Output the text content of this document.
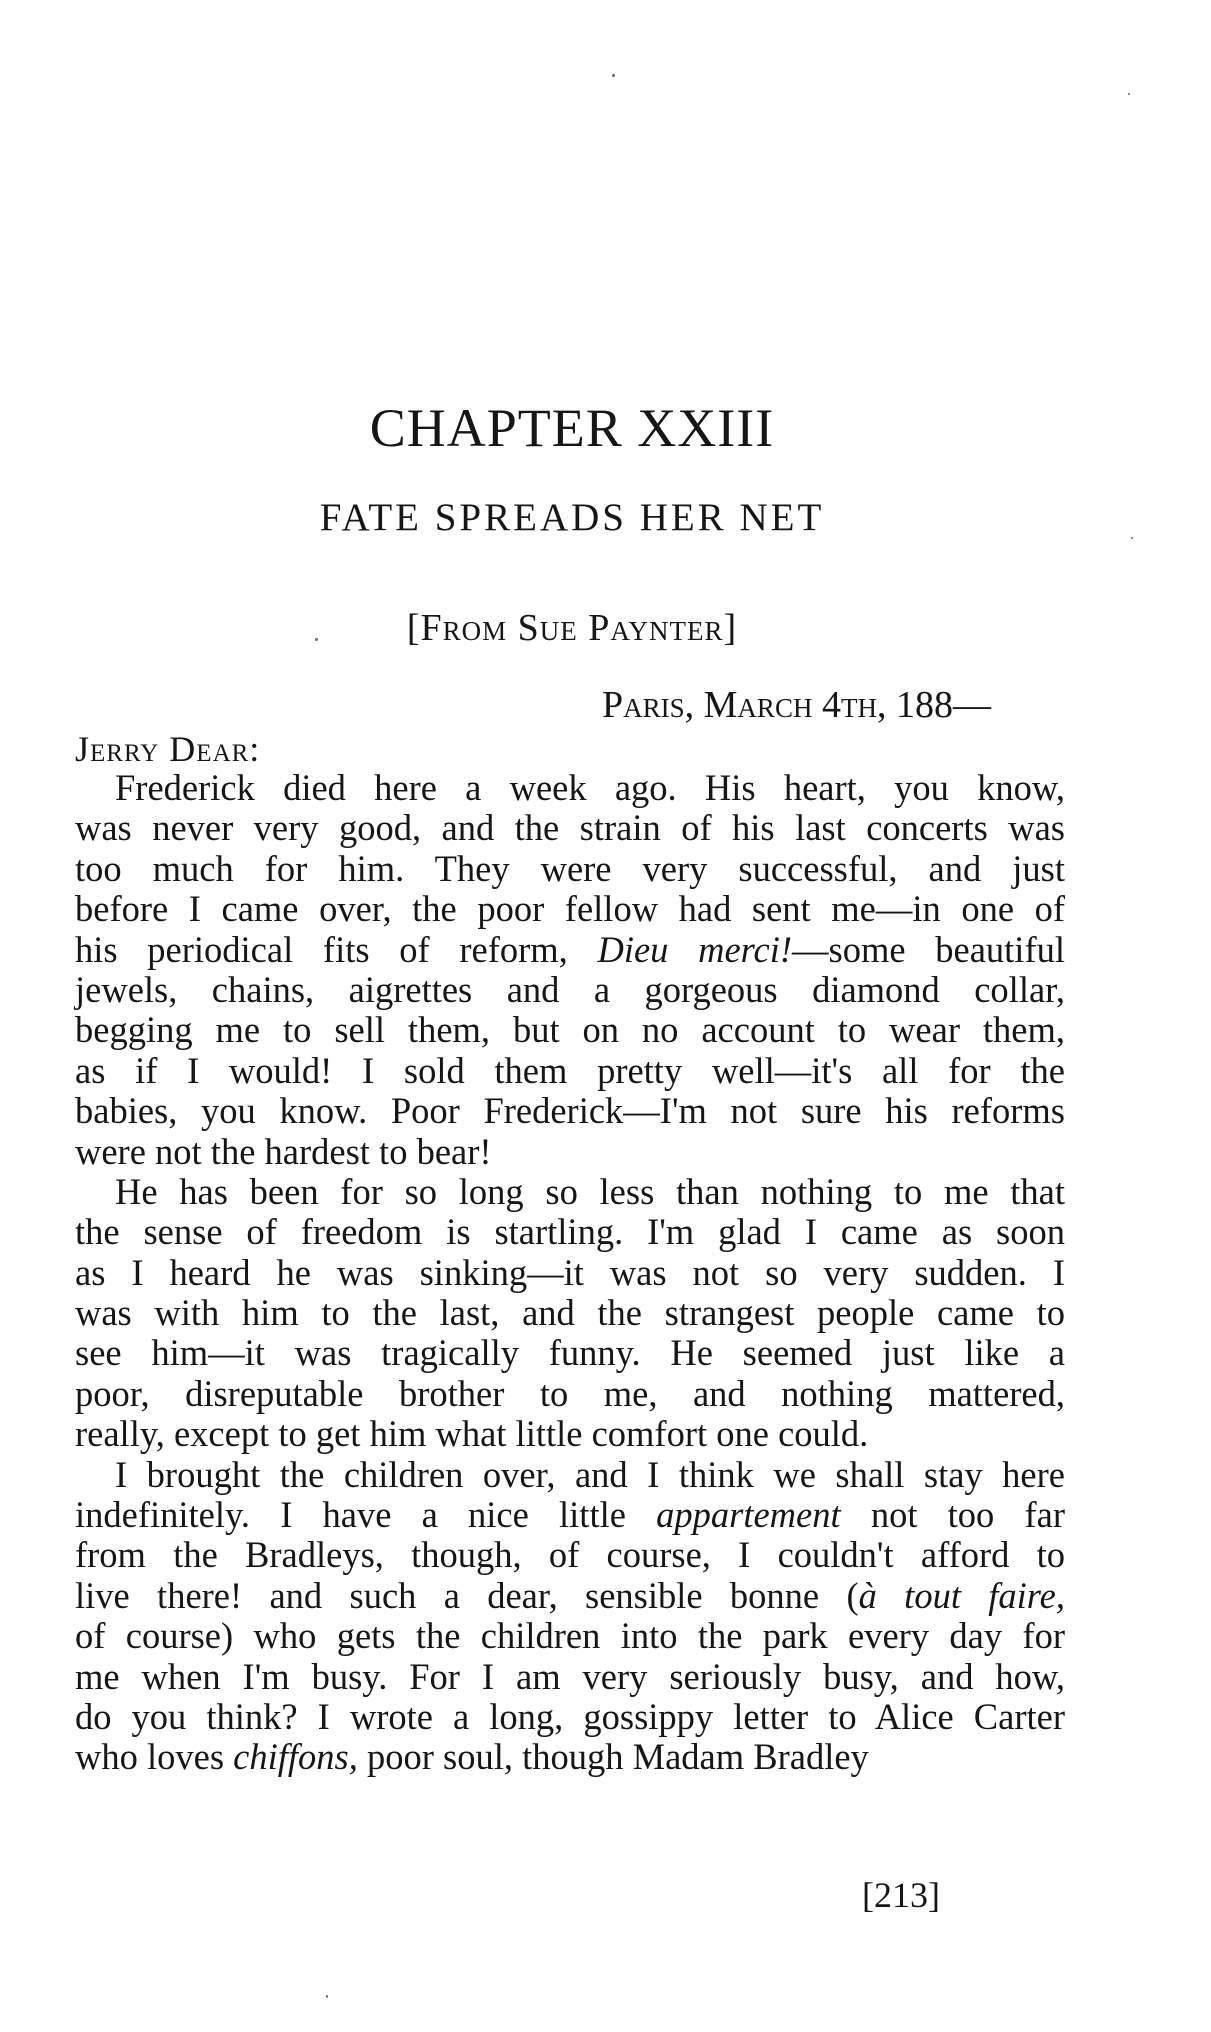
CHAPTER XXIII
FATE SPREADS HER NET
[From Sue Paynter]
Paris, March 4th, 188—
Jerry Dear:
Frederick died here a week ago. His heart, you know,
was never very good, and the strain of his last concerts was
too much for him. They were very successful, and just
before I came over, the poor fellow had sent me—in one of
his periodical fits of reform, Dieu merci!—some beautiful
jewels, chains, aigrettes and a gorgeous diamond collar,
begging me to sell them, but on no account to wear them,
as if I would! I sold them pretty well—it's all for the
babies, you know. Poor Frederick—I'm not sure his reforms
were not the hardest to bear!
He has been for so long so less than nothing to me that
the sense of freedom is startling. I'm glad I came as soon
as I heard he was sinking—it was not so very sudden. I
was with him to the last, and the strangest people came to
see him—it was tragically funny. He seemed just like a
poor, disreputable brother to me, and nothing mattered,
really, except to get him what little comfort one could.
I brought the children over, and I think we shall stay here
indefinitely. I have a nice little appartement not too far
from the Bradleys, though, of course, I couldn't afford to
live there! and such a dear, sensible bonne (à tout faire,
of course) who gets the children into the park every day for
me when I'm busy. For I am very seriously busy, and how,
do you think? I wrote a long, gossippy letter to Alice Carter
who loves chiffons, poor soul, though Madam Bradley
[213]
